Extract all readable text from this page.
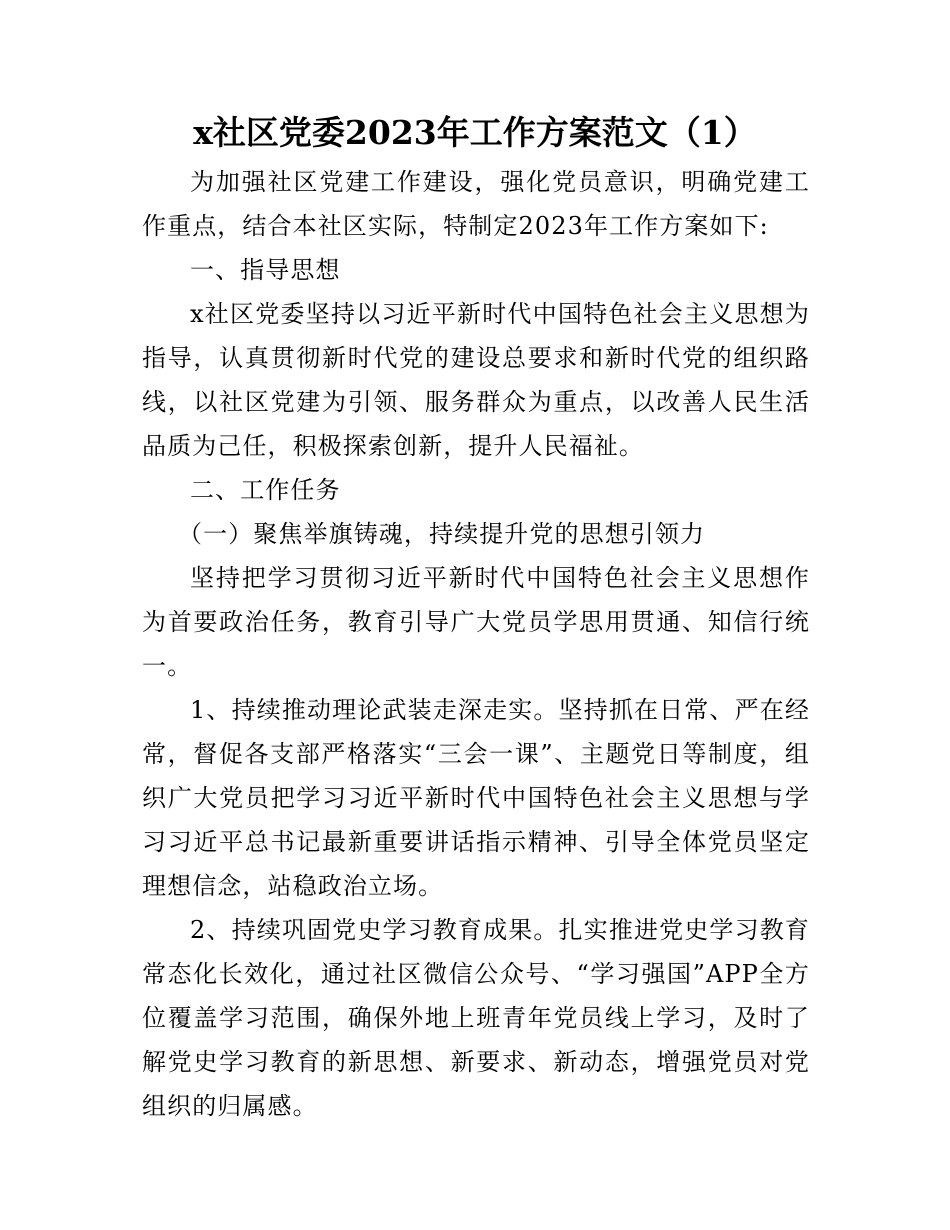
x社区党委2023年工作方案范文（1）

为加强社区党建工作建设，强化党员意识，明确党建工作重点，结合本社区实际，特制定2023年工作方案如下:

一、指导思想

x社区党委坚持以习近平新时代中国特色社会主义思想为指导，认真贯彻新时代党的建设总要求和新时代党的组织路线，以社区党建为引领、服务群众为重点，以改善人民生活品质为己任，积极探索创新，提升人民福祉。

二、工作任务

（一）聚焦举旗铸魂，持续提升党的思想引领力

坚持把学习贯彻习近平新时代中国特色社会主义思想作为首要政治任务，教育引导广大党员学思用贯通、知信行统一。

1、持续推动理论武装走深走实。坚持抓在日常、严在经常，督促各支部严格落实“三会一课”、主题党日等制度，组织广大党员把学习习近平新时代中国特色社会主义思想与学习习近平总书记最新重要讲话指示精神、引导全体党员坚定理想信念，站稳政治立场。

2、持续巩固党史学习教育成果。扎实推进党史学习教育常态化长效化，通过社区微信公众号、“学习强国”APP全方位覆盖学习范围，确保外地上班青年党员线上学习，及时了解党史学习教育的新思想、新要求、新动态，增强党员对党组织的归属感。
